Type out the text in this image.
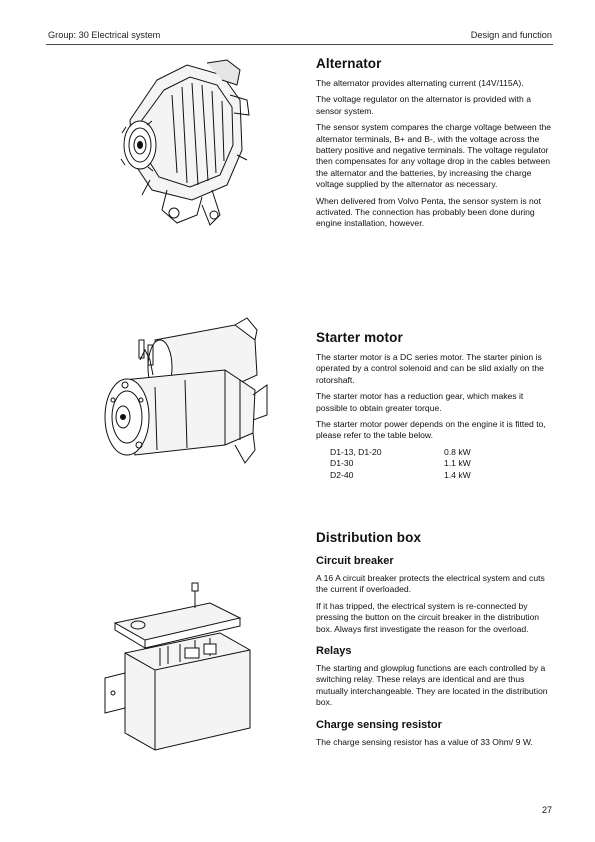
Group: 30 Electrical system	Design and function
Alternator

The alternator provides alternating current (14V/115A).

The voltage regulator on the alternator is provided with a sensor system.

The sensor system compares the charge voltage between the alternator terminals, B+ and B-, with the voltage across the battery positive and negative terminals. The voltage regulator then compensates for any voltage drop in the cables between the alternator and the batteries, by increasing the charge voltage supplied by the alternator as necessary.

When delivered from Volvo Penta, the sensor system is not activated. The connection has probably been done during engine installation, however.

Starter motor

The starter motor is a DC series motor. The starter pinion is operated by a control solenoid and can be slid axially on the rotorshaft.

The starter motor has a reduction gear, which makes it possible to obtain greater torque.

The starter motor power depends on the engine it is fitted to, please refer to the table below.

D1-13, D1-20	0.8 kW
D1-30	1.1 kW
D2-40	1.4 kW
Distribution box
Circuit breaker

A 16 A circuit breaker protects the electrical system and cuts the current if overloaded.

If it has tripped, the electrical system is re-connected by pressing the button on the circuit breaker in the distribution box. Always first investigate the reason for the overload.

Relays

The starting and glowplug functions are each controlled by a switching relay. These relays are identical and are thus mutually interchangeable. They are located in the distribution box.

Charge sensing resistor

The charge sensing resistor has a value of 33 Ohm/ 9 W.

27
